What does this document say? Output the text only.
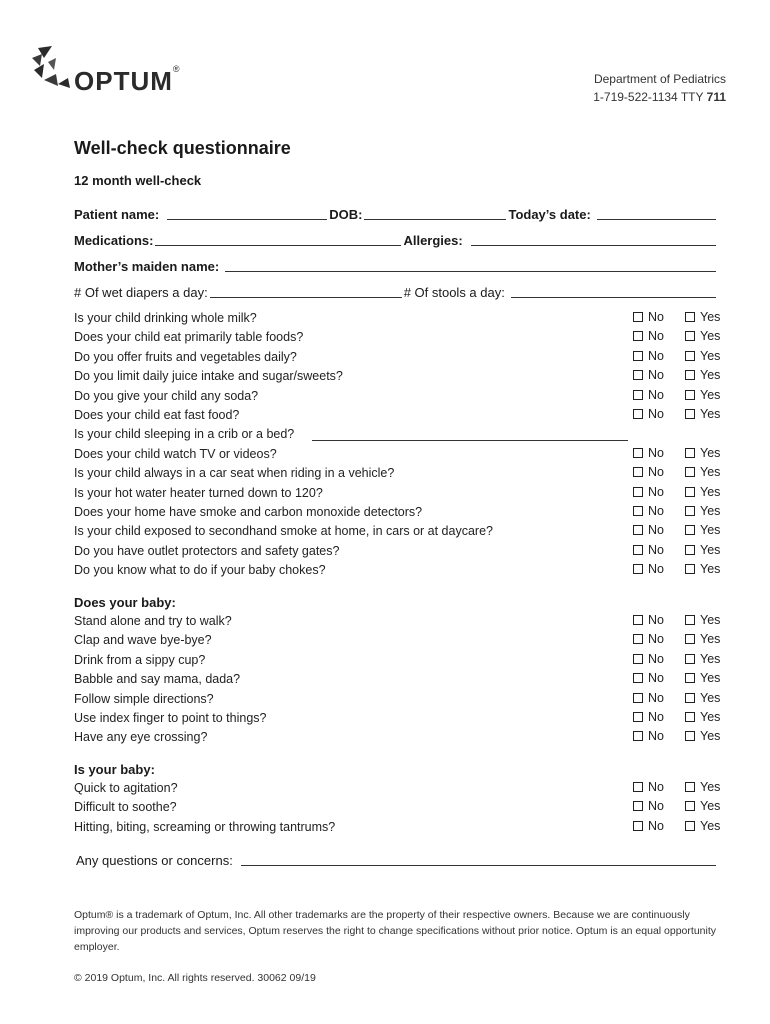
OPTUM®
Department of Pediatrics
1-719-522-1134 TTY 711
Well-check questionnaire
12 month well-check
Patient name:	DOB:	Today’s date:
Medications:	Allergies:
Mother’s maiden name:
# Of wet diapers a day:	# Of stools a day:
Is your child drinking whole milk?	No	Yes
Does your child eat primarily table foods?	No	Yes
Do you offer fruits and vegetables daily?	No	Yes
Do you limit daily juice intake and sugar/sweets?	No	Yes
Do you give your child any soda?	No	Yes
Does your child eat fast food?	No	Yes
Is your child sleeping in a crib or a bed?
Does your child watch TV or videos?	No	Yes
Is your child always in a car seat when riding in a vehicle?	No	Yes
Is your hot water heater turned down to 120?	No	Yes
Does your home have smoke and carbon monoxide detectors?	No	Yes
Is your child exposed to secondhand smoke at home, in cars or at daycare?	No	Yes
Do you have outlet protectors and safety gates?	No	Yes
Do you know what to do if your baby chokes?	No	Yes
Does your baby:
Stand alone and try to walk?	No	Yes
Clap and wave bye-bye?	No	Yes
Drink from a sippy cup?	No	Yes
Babble and say mama, dada?	No	Yes
Follow simple directions?	No	Yes
Use index finger to point to things?	No	Yes
Have any eye crossing?	No	Yes
Is your baby:
Quick to agitation?	No	Yes
Difficult to soothe?	No	Yes
Hitting, biting, screaming or throwing tantrums?	No	Yes
Any questions or concerns:
Optum® is a trademark of Optum, Inc. All other trademarks are the property of their respective owners. Because we are continuously improving our products and services, Optum reserves the right to change specifications without prior notice. Optum is an equal opportunity employer.
© 2019 Optum, Inc. All rights reserved. 30062 09/19
